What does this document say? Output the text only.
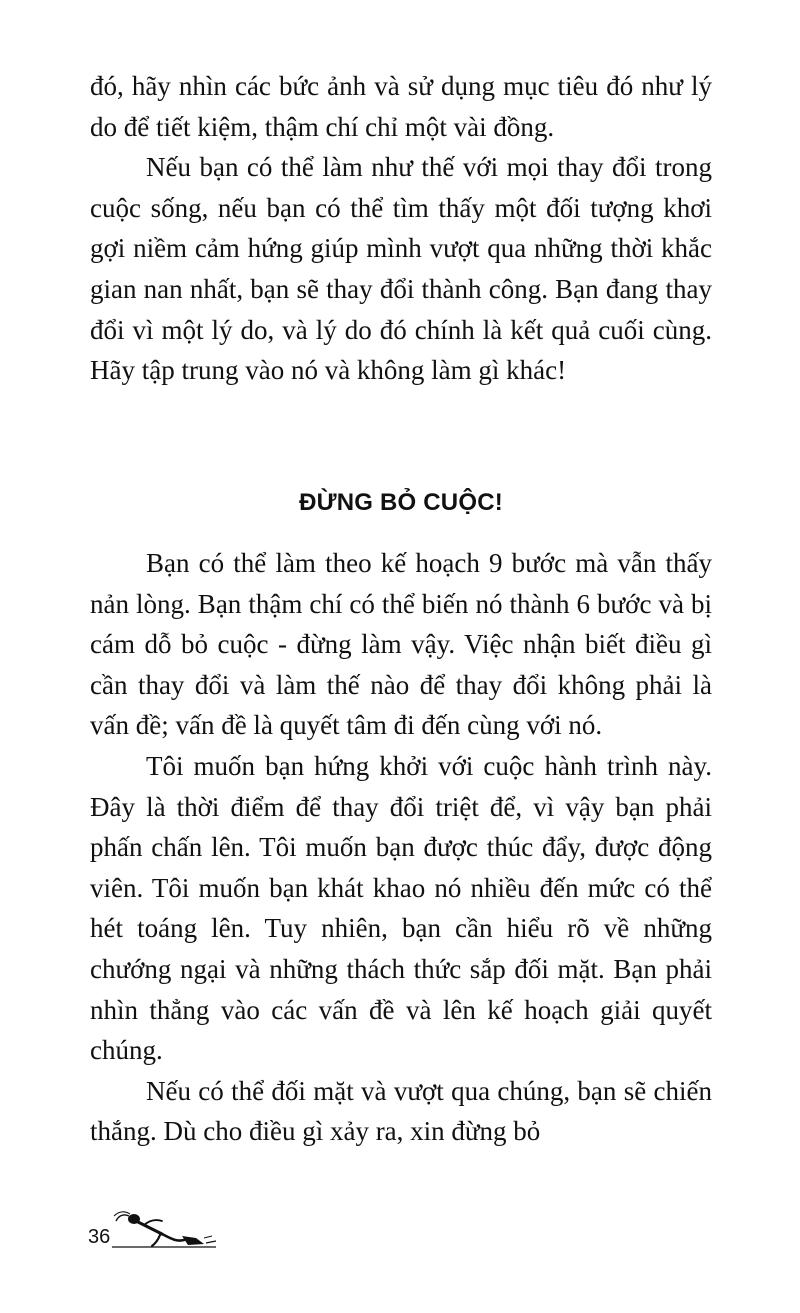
đó, hãy nhìn các bức ảnh và sử dụng mục tiêu đó như lý do để tiết kiệm, thậm chí chỉ một vài đồng.

Nếu bạn có thể làm như thế với mọi thay đổi trong cuộc sống, nếu bạn có thể tìm thấy một đối tượng khơi gợi niềm cảm hứng giúp mình vượt qua những thời khắc gian nan nhất, bạn sẽ thay đổi thành công. Bạn đang thay đổi vì một lý do, và lý do đó chính là kết quả cuối cùng. Hãy tập trung vào nó và không làm gì khác!

ĐỪNG BỎ CUỘC!

Bạn có thể làm theo kế hoạch 9 bước mà vẫn thấy nản lòng. Bạn thậm chí có thể biến nó thành 6 bước và bị cám dỗ bỏ cuộc - đừng làm vậy. Việc nhận biết điều gì cần thay đổi và làm thế nào để thay đổi không phải là vấn đề; vấn đề là quyết tâm đi đến cùng với nó.

Tôi muốn bạn hứng khởi với cuộc hành trình này. Đây là thời điểm để thay đổi triệt để, vì vậy bạn phải phấn chấn lên. Tôi muốn bạn được thúc đẩy, được động viên. Tôi muốn bạn khát khao nó nhiều đến mức có thể hét toáng lên. Tuy nhiên, bạn cần hiểu rõ về những chướng ngại và những thách thức sắp đối mặt. Bạn phải nhìn thẳng vào các vấn đề và lên kế hoạch giải quyết chúng.

Nếu có thể đối mặt và vượt qua chúng, bạn sẽ chiến thắng. Dù cho điều gì xảy ra, xin đừng bỏ

36
